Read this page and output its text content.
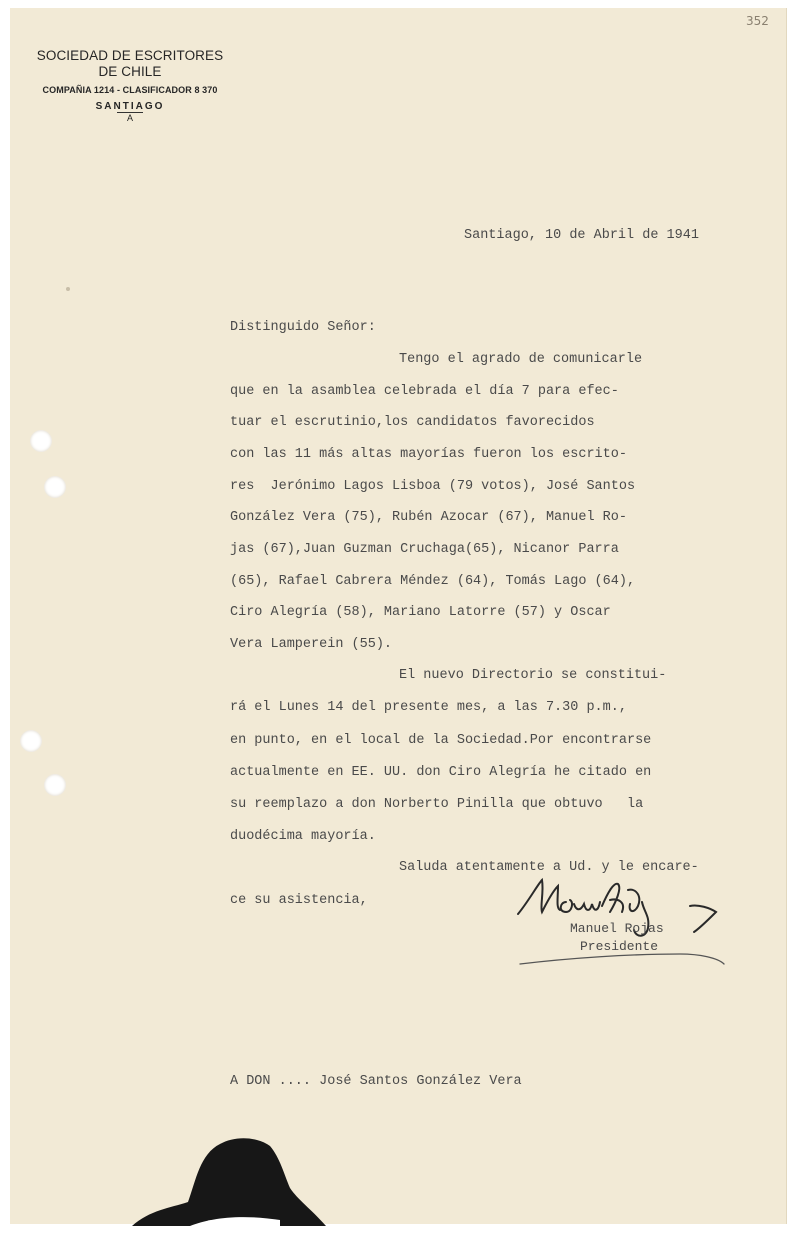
352
SOCIEDAD DE ESCRITORES
DE CHILE
COMPAÑIA 1214 - CLASIFICADOR 8 370
SANTIAGO
A
Santiago, 10 de Abril de 1941
Distinguido Señor:
Tengo el agrado de comunicarle
que en la asamblea celebrada el día 7 para efec-
tuar el escrutinio,los candidatos favorecidos
con las 11 más altas mayorías fueron los escrito-
res  Jerónimo Lagos Lisboa (79 votos), José Santos
González Vera (75), Rubén Azocar (67), Manuel Ro-
jas (67),Juan Guzman Cruchaga(65), Nicanor Parra
(65), Rafael Cabrera Méndez (64), Tomás Lago (64),
Ciro Alegría (58), Mariano Latorre (57) y Oscar
Vera Lamperein (55).
El nuevo Directorio se constitui-
rá el Lunes 14 del presente mes, a las 7.30 p.m.,
en punto, en el local de la Sociedad.Por encontrarse
actualmente en EE. UU. don Ciro Alegría he citado en
su reemplazo a don Norberto Pinilla que obtuvo   la
duodécima mayoría.
Saluda atentamente a Ud. y le encare-
ce su asistencia,
Manuel Rojas
Presidente
A DON .... José Santos González Vera
